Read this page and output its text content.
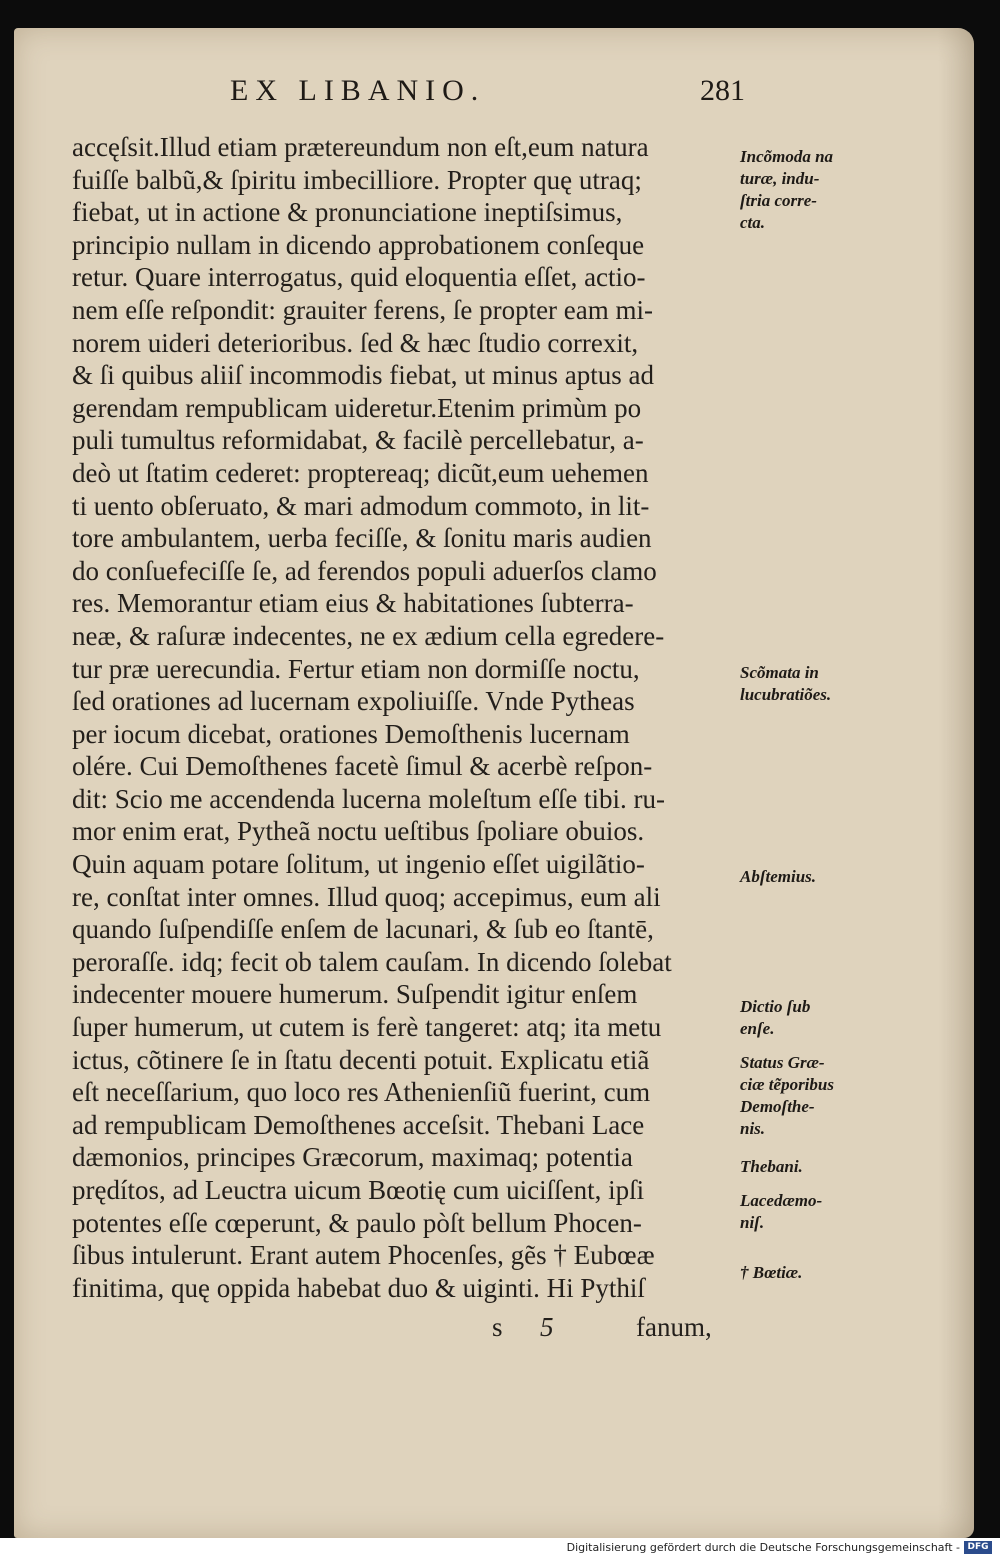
EX LIBANIO.	281
accęſsit.Illud etiam prætereundum non eſt,eum natura
fuiſſe balbũ,& ſpiritu imbecilliore. Propter quę utraq;
fiebat, ut in actione & pronunciatione ineptiſsimus,
principio nullam in dicendo approbationem conſeque
retur. Quare interrogatus, quid eloquentia eſſet, actio-
nem eſſe reſpondit: grauiter ferens, ſe propter eam mi-
norem uideri deterioribus. ſed & hæc ſtudio correxit,
& ſi quibus aliiſ incommodis fiebat, ut minus aptus ad
gerendam rempublicam uideretur.Etenim primùm po
puli tumultus reformidabat, & facilè percellebatur, a-
deò ut ſtatim cederet: proptereaq; dicũt,eum uehemen
ti uento obſeruato, & mari admodum commoto, in lit-
tore ambulantem, uerba feciſſe, & ſonitu maris audien
do conſuefeciſſe ſe, ad ferendos populi aduerſos clamo
res. Memorantur etiam eius & habitationes ſubterra-
neæ, & raſuræ indecentes, ne ex ædium cella egredere-
tur præ uerecundia. Fertur etiam non dormiſſe noctu,
ſed orationes ad lucernam expoliuiſſe. Vnde Pytheas
per iocum dicebat, orationes Demoſthenis lucernam
olére. Cui Demoſthenes facetè ſimul & acerbè reſpon-
dit: Scio me accendenda lucerna moleſtum eſſe tibi. ru-
mor enim erat, Pytheã noctu ueſtibus ſpoliare obuios.
Quin aquam potare ſolitum, ut ingenio eſſet uigilãtio-
re, conſtat inter omnes. Illud quoq; accepimus, eum ali
quando ſuſpendiſſe enſem de lacunari, & ſub eo ſtantē,
peroraſſe. idq; fecit ob talem cauſam. In dicendo ſolebat
indecenter mouere humerum. Suſpendit igitur enſem
ſuper humerum, ut cutem is ferè tangeret: atq; ita metu
ictus, cõtinere ſe in ſtatu decenti potuit. Explicatu etiã
eſt neceſſarium, quo loco res Athenienſiũ fuerint, cum
ad rempublicam Demoſthenes acceſsit. Thebani Lace
dæmonios, principes Græcorum, maximaq; potentia
prędítos, ad Leuctra uicum Bœotię cum uiciſſent, ipſi
potentes eſſe cœperunt, & paulo pòſt bellum Phocen-
ſibus intulerunt. Erant autem Phocenſes, gẽs † Eubœæ
finitima, quę oppida habebat duo & uiginti. Hi Pythiſ
Incõmoda na
turæ, indu-
ſtria corre-
cta.
Scõmata in
lucubratiões.
Abſtemius.
Dictio ſub
enſe.
Status Græ-
ciæ tẽporibus
Demoſthe-
nis.
Thebani.
Lacedæmo-
niſ.
† Bœtiæ.
s 5	fanum,
Digitalisierung gefördert durch die Deutsche Forschungsgemeinschaft - DFG
